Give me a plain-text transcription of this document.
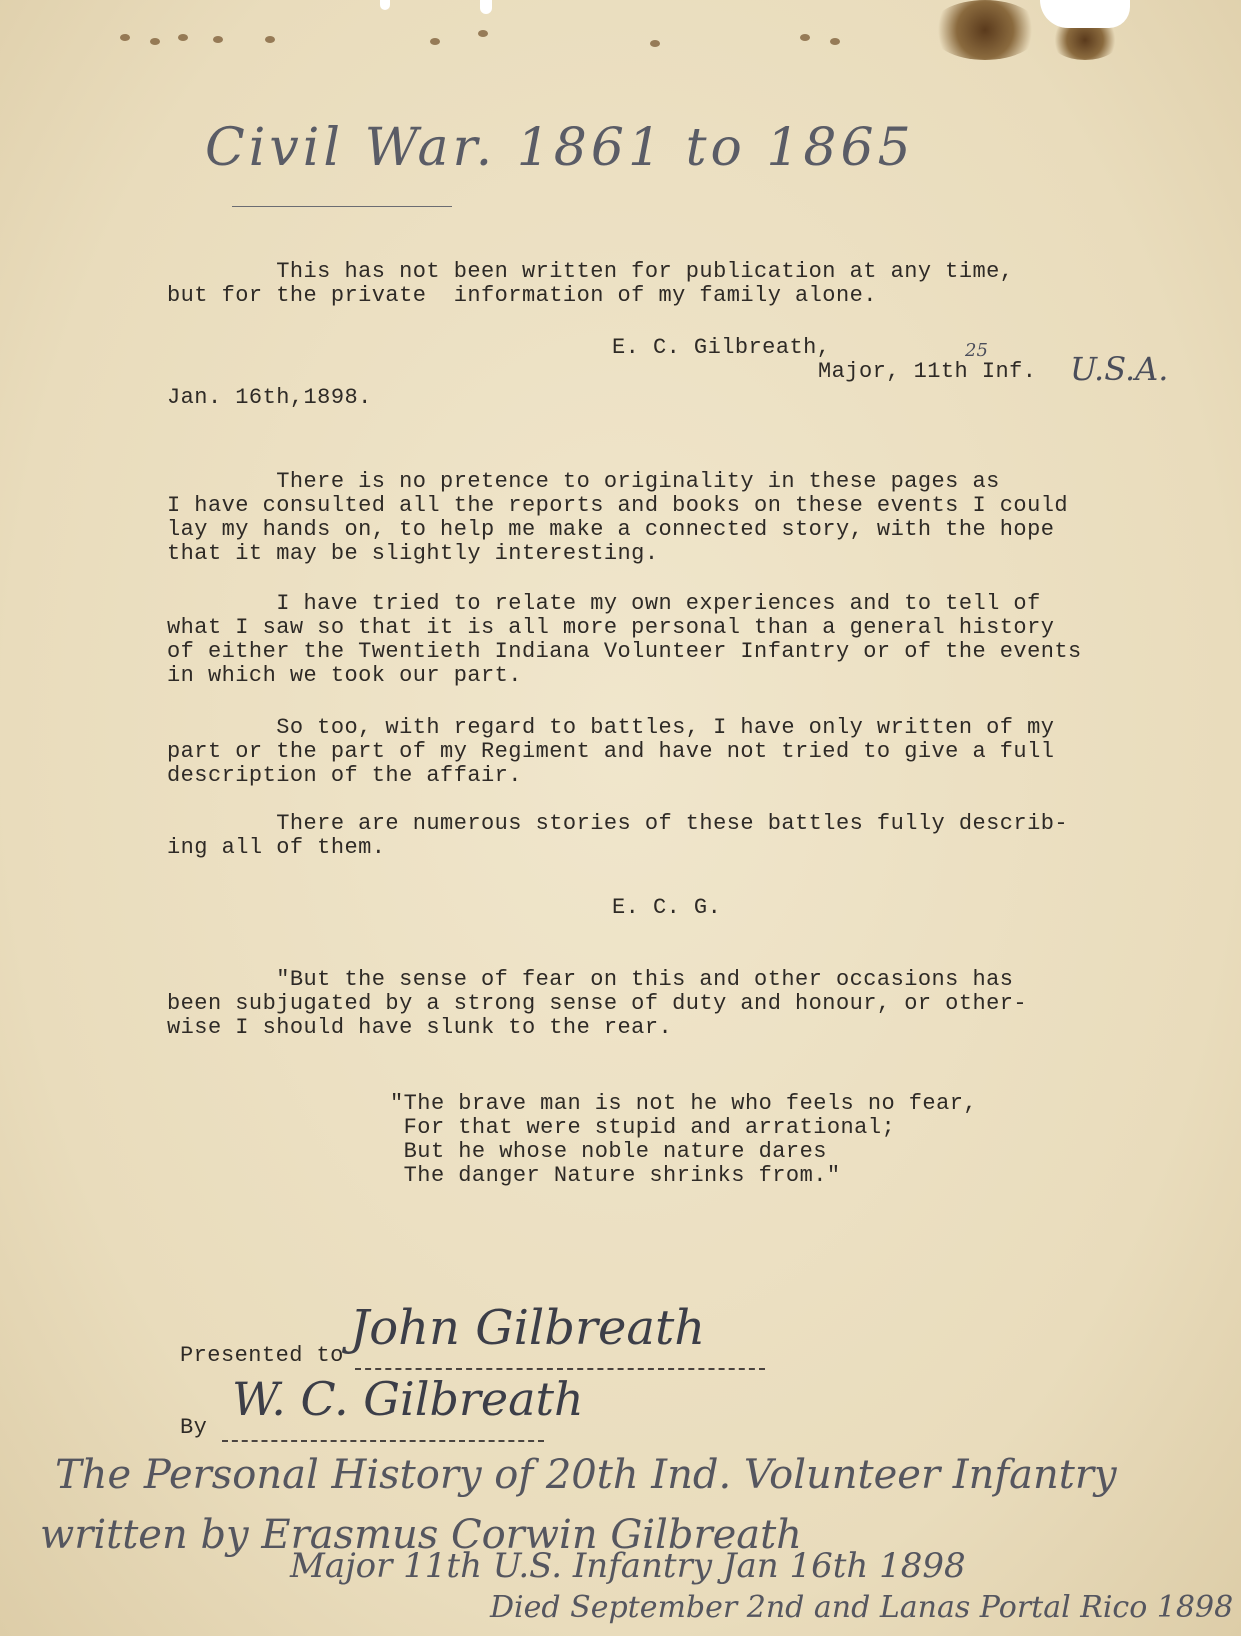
Civil War. 1861 to 1865
This has not been written for publication at any time,
but for the private  information of my family alone.
E. C. Gilbreath,
Major, 11th Inf.
25	U.S.A.
Jan. 16th,1898.
There is no pretence to originality in these pages as
I have consulted all the reports and books on these events I could
lay my hands on, to help me make a connected story, with the hope
that it may be slightly interesting.
I have tried to relate my own experiences and to tell of
what I saw so that it is all more personal than a general history
of either the Twentieth Indiana Volunteer Infantry or of the events
in which we took our part.
So too, with regard to battles, I have only written of my
part or the part of my Regiment and have not tried to give a full
description of the affair.
There are numerous stories of these battles fully describ-
ing all of them.
E. C. G.
"But the sense of fear on this and other occasions has
been subjugated by a strong sense of duty and honour, or other-
wise I should have slunk to the rear.
"The brave man is not he who feels no fear,
For that were stupid and arrational;
But he whose noble nature dares
The danger Nature shrinks from."
Presented to John Gilbreath
By
W. C. Gilbreath
The Personal History of 20th Ind. Volunteer Infantry
written by Erasmus Corwin Gilbreath
Major 11th U.S. Infantry Jan 16th 1898
Died September 2nd and Lanas Portal Rico 1898
